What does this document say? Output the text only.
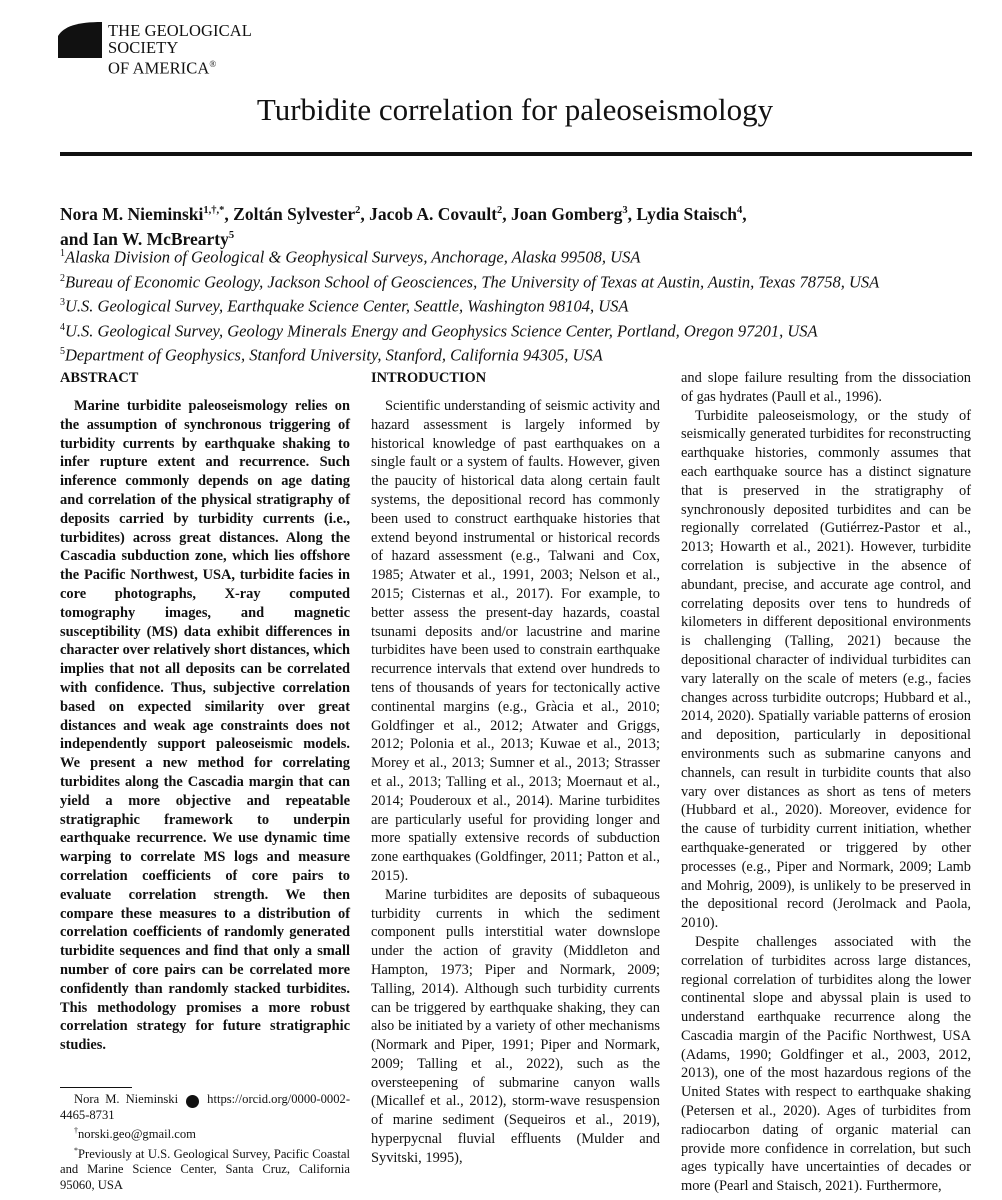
THE GEOLOGICAL SOCIETY
OF AMERICA®
Turbidite correlation for paleoseismology
Nora M. Nieminski$^{1,\dagger,*}$, Zoltán Sylvester$^2$, Jacob A. Covault$^2$, Joan Gomberg$^3$, Lydia Staisch$^4$,
and Ian W. McBrearty$^5$
$^1$Alaska Division of Geological & Geophysical Surveys, Anchorage, Alaska 99508, USA
$^2$Bureau of Economic Geology, Jackson School of Geosciences, The University of Texas at Austin, Austin, Texas 78758, USA
$^3$U.S. Geological Survey, Earthquake Science Center, Seattle, Washington 98104, USA
$^4$U.S. Geological Survey, Geology Minerals Energy and Geophysics Science Center, Portland, Oregon 97201, USA
$^5$Department of Geophysics, Stanford University, Stanford, California 94305, USA
ABSTRACT

Marine turbidite paleoseismology relies on the assumption of synchronous triggering of turbidity currents by earthquake shaking to infer rupture extent and recurrence. Such inference commonly depends on age dating and correlation of the physical stratigraphy of deposits carried by turbidity currents (i.e., turbidites) across great distances. Along the Cascadia subduction zone, which lies offshore the Pacific Northwest, USA, turbidite facies in core photographs, X-ray computed tomography images, and magnetic susceptibility (MS) data exhibit differences in character over relatively short distances, which implies that not all deposits can be correlated with confidence. Thus, subjective correlation based on expected similarity over great distances and weak age constraints does not independently support paleoseismic models. We present a new method for correlating turbidites along the Cascadia margin that can yield a more objective and repeatable stratigraphic framework to underpin earthquake recurrence. We use dynamic time warping to correlate MS logs and measure correlation coefficients of core pairs to evaluate correlation strength. We then compare these measures to a distribution of correlation coefficients of randomly generated turbidite sequences and find that only a small number of core pairs can be correlated more confidently than randomly stacked turbidites. This methodology promises a more robust correlation strategy for future stratigraphic studies.

Nora M. Nieminski	iD https://orcid.org/0000-0002-4465-8731

†norski.geo@gmail.com

*Previously at U.S. Geological Survey, Pacific Coastal and Marine Science Center, Santa Cruz, California 95060, USA

INTRODUCTION

Scientific understanding of seismic activity and hazard assessment is largely informed by historical knowledge of past earthquakes on a single fault or a system of faults. However, given the paucity of historical data along certain fault systems, the depositional record has commonly been used to construct earthquake histories that extend beyond instrumental or historical records of hazard assessment (e.g., Talwani and Cox, 1985; Atwater et al., 1991, 2003; Nelson et al., 2015; Cisternas et al., 2017). For example, to better assess the present-day hazards, coastal tsunami deposits and/or lacustrine and marine turbidites have been used to constrain earthquake recurrence intervals that extend over hundreds to tens of thousands of years for tectonically active continental margins (e.g., Gràcia et al., 2010; Goldfinger et al., 2012; Atwater and Griggs, 2012; Polonia et al., 2013; Kuwae et al., 2013; Morey et al., 2013; Sumner et al., 2013; Strasser et al., 2013; Talling et al., 2013; Moernaut et al., 2014; Pouderoux et al., 2014). Marine turbidites are particularly useful for providing longer and more spatially extensive records of subduction zone earthquakes (Goldfinger, 2011; Patton et al., 2015).

Marine turbidites are deposits of subaqueous turbidity currents in which the sediment component pulls interstitial water downslope under the action of gravity (Middleton and Hampton, 1973; Piper and Normark, 2009; Talling, 2014). Although such turbidity currents can be triggered by earthquake shaking, they can also be initiated by a variety of other mechanisms (Normark and Piper, 1991; Piper and Normark, 2009; Talling et al., 2022), such as the oversteepening of submarine canyon walls (Micallef et al., 2012), storm-wave resuspension of marine sediment (Sequeiros et al., 2019), hyperpycnal fluvial effluents (Mulder and Syvitski, 1995),

and slope failure resulting from the dissociation of gas hydrates (Paull et al., 1996).

Turbidite paleoseismology, or the study of seismically generated turbidites for reconstructing earthquake histories, commonly assumes that each earthquake source has a distinct signature that is preserved in the stratigraphy of synchronously deposited turbidites and can be regionally correlated (Gutiérrez-Pastor et al., 2013; Howarth et al., 2021). However, turbidite correlation is subjective in the absence of abundant, precise, and accurate age control, and correlating deposits over tens to hundreds of kilometers in different depositional environments is challenging (Talling, 2021) because the depositional character of individual turbidites can vary laterally on the scale of meters (e.g., facies changes across turbidite outcrops; Hubbard et al., 2014, 2020). Spatially variable patterns of erosion and deposition, particularly in depositional environments such as submarine canyons and channels, can result in turbidite counts that also vary over distances as short as tens of meters (Hubbard et al., 2020). Moreover, evidence for the cause of turbidity current initiation, whether earthquake-generated or triggered by other processes (e.g., Piper and Normark, 2009; Lamb and Mohrig, 2009), is unlikely to be preserved in the depositional record (Jerolmack and Paola, 2010).

Despite challenges associated with the correlation of turbidites across large distances, regional correlation of turbidites along the lower continental slope and abyssal plain is used to understand earthquake recurrence along the Cascadia margin of the Pacific Northwest, USA (Adams, 1990; Goldfinger et al., 2003, 2012, 2013), one of the most hazardous regions of the United States with respect to earthquake shaking (Petersen et al., 2020). Ages of turbidites from radiocarbon dating of organic material can provide more confidence in correlation, but such ages typically have uncertainties of decades or more (Pearl and Staisch, 2021). Furthermore,
